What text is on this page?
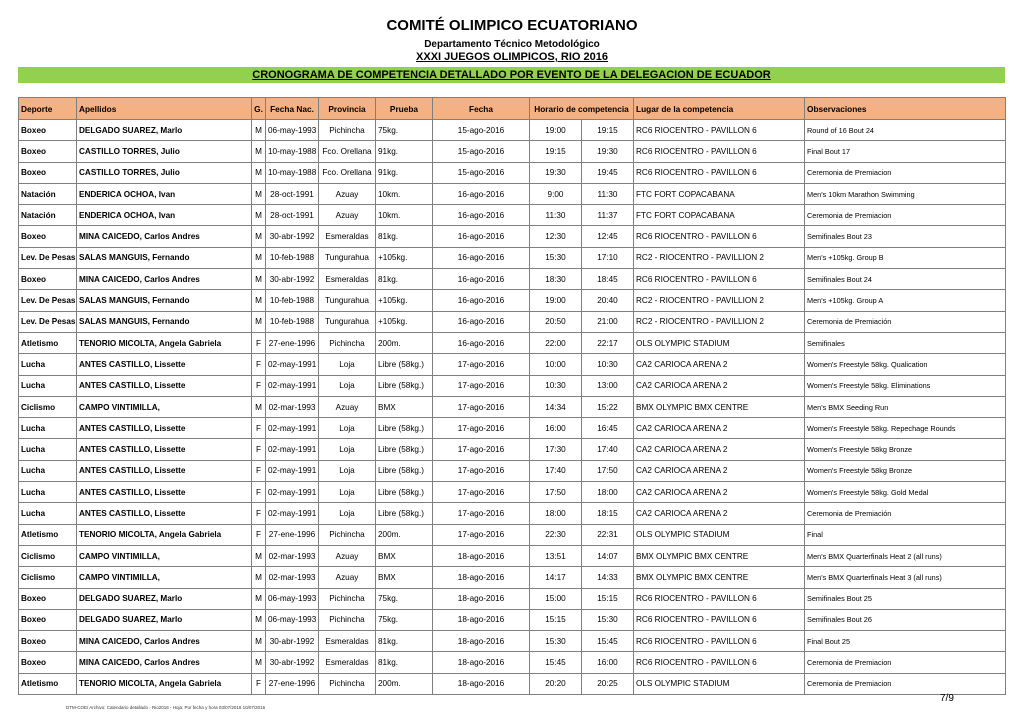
COMITÉ OLIMPICO ECUATORIANO
Departamento Técnico Metodológico
XXXI JUEGOS OLIMPICOS, RIO 2016
CRONOGRAMA DE COMPETENCIA DETALLADO POR EVENTO DE LA DELEGACION DE ECUADOR
Deporte	Apellidos	G.	Fecha Nac.	Provincia	Prueba	Fecha	Horario de competencia		Lugar de la competencia	Observaciones
Boxeo	DELGADO SUAREZ, Marlo	M	06-may-1993	Pichincha	75kg.	15-ago-2016	19:00	19:15	RC6 RIOCENTRO - PAVILLON 6	Round of 16 Bout 24
Boxeo	CASTILLO TORRES, Julio	M	10-may-1988	Fco. Orellana	91kg.	15-ago-2016	19:15	19:30	RC6 RIOCENTRO - PAVILLON 6	Final Bout 17
Boxeo	CASTILLO TORRES, Julio	M	10-may-1988	Fco. Orellana	91kg.	15-ago-2016	19:30	19:45	RC6 RIOCENTRO - PAVILLON 6	Ceremonia de Premiacion
Natación	ENDERICA OCHOA, Ivan	M	28-oct-1991	Azuay	10km.	16-ago-2016	9:00	11:30	FTC FORT COPACABANA	Men's 10km Marathon Swimming
Natación	ENDERICA OCHOA, Ivan	M	28-oct-1991	Azuay	10km.	16-ago-2016	11:30	11:37	FTC FORT COPACABANA	Ceremonia de Premiacion
Boxeo	MINA CAICEDO, Carlos Andres	M	30-abr-1992	Esmeraldas	81kg.	16-ago-2016	12:30	12:45	RC6 RIOCENTRO - PAVILLON 6	Semifinales Bout 23
Lev. De Pesas	SALAS MANGUIS, Fernando	M	10-feb-1988	Tungurahua	+105kg.	16-ago-2016	15:30	17:10	RC2 - RIOCENTRO - PAVILLION 2	Men's +105kg. Group B
Boxeo	MINA CAICEDO, Carlos Andres	M	30-abr-1992	Esmeraldas	81kg.	16-ago-2016	18:30	18:45	RC6 RIOCENTRO - PAVILLON 6	Semifinales Bout 24
Lev. De Pesas	SALAS MANGUIS, Fernando	M	10-feb-1988	Tungurahua	+105kg.	16-ago-2016	19:00	20:40	RC2 - RIOCENTRO - PAVILLION 2	Men's +105kg. Group A
Lev. De Pesas	SALAS MANGUIS, Fernando	M	10-feb-1988	Tungurahua	+105kg.	16-ago-2016	20:50	21:00	RC2 - RIOCENTRO - PAVILLION 2	Ceremonia de Premiación
Atletismo	TENORIO MICOLTA, Angela Gabriela	F	27-ene-1996	Pichincha	200m.	16-ago-2016	22:00	22:17	OLS OLYMPIC STADIUM	Semifinales
Lucha	ANTES CASTILLO, Lissette	F	02-may-1991	Loja	Libre (58kg.)	17-ago-2016	10:00	10:30	CA2 CARIOCA ARENA 2	Women's Freestyle 58kg. Qualication
Lucha	ANTES CASTILLO, Lissette	F	02-may-1991	Loja	Libre (58kg.)	17-ago-2016	10:30	13:00	CA2 CARIOCA ARENA 2	Women's Freestyle 58kg. Eliminations
Ciclismo	CAMPO VINTIMILLA,	M	02-mar-1993	Azuay	BMX	17-ago-2016	14:34	15:22	BMX OLYMPIC BMX CENTRE	Men's BMX Seeding Run
Lucha	ANTES CASTILLO, Lissette	F	02-may-1991	Loja	Libre (58kg.)	17-ago-2016	16:00	16:45	CA2 CARIOCA ARENA 2	Women's Freestyle 58kg. Repechage Rounds
Lucha	ANTES CASTILLO, Lissette	F	02-may-1991	Loja	Libre (58kg.)	17-ago-2016	17:30	17:40	CA2 CARIOCA ARENA 2	Women's Freestyle 58kg Bronze
Lucha	ANTES CASTILLO, Lissette	F	02-may-1991	Loja	Libre (58kg.)	17-ago-2016	17:40	17:50	CA2 CARIOCA ARENA 2	Women's Freestyle 58kg Bronze
Lucha	ANTES CASTILLO, Lissette	F	02-may-1991	Loja	Libre (58kg.)	17-ago-2016	17:50	18:00	CA2 CARIOCA ARENA 2	Women's Freestyle 58kg. Gold Medal
Lucha	ANTES CASTILLO, Lissette	F	02-may-1991	Loja	Libre (58kg.)	17-ago-2016	18:00	18:15	CA2 CARIOCA ARENA 2	Ceremonia de Premiación
Atletismo	TENORIO MICOLTA, Angela Gabriela	F	27-ene-1996	Pichincha	200m.	17-ago-2016	22:30	22:31	OLS OLYMPIC STADIUM	Final
Ciclismo	CAMPO VINTIMILLA,	M	02-mar-1993	Azuay	BMX	18-ago-2016	13:51	14:07	BMX OLYMPIC BMX CENTRE	Men's BMX Quarterfinals Heat 2 (all runs)
Ciclismo	CAMPO VINTIMILLA,	M	02-mar-1993	Azuay	BMX	18-ago-2016	14:17	14:33	BMX OLYMPIC BMX CENTRE	Men's BMX Quarterfinals Heat 3 (all runs)
Boxeo	DELGADO SUAREZ, Marlo	M	06-may-1993	Pichincha	75kg.	18-ago-2016	15:00	15:15	RC6 RIOCENTRO - PAVILLON 6	Semifinales Bout 25
Boxeo	DELGADO SUAREZ, Marlo	M	06-may-1993	Pichincha	75kg.	18-ago-2016	15:15	15:30	RC6 RIOCENTRO - PAVILLON 6	Semifinales Bout 26
Boxeo	MINA CAICEDO, Carlos Andres	M	30-abr-1992	Esmeraldas	81kg.	18-ago-2016	15:30	15:45	RC6 RIOCENTRO - PAVILLON 6	Final Bout 25
Boxeo	MINA CAICEDO, Carlos Andres	M	30-abr-1992	Esmeraldas	81kg.	18-ago-2016	15:45	16:00	RC6 RIOCENTRO - PAVILLON 6	Ceremonia de Premiacion
Atletismo	TENORIO MICOLTA, Angela Gabriela	F	27-ene-1996	Pichincha	200m.	18-ago-2016	20:20	20:25	OLS OLYMPIC STADIUM	Ceremonia de Premiacion
7/9
DTM-COE/ Archivo: Calendario detallado - Rio2016 - Hoja: Por fecha y hora 03/07/2016 10/07/2016
